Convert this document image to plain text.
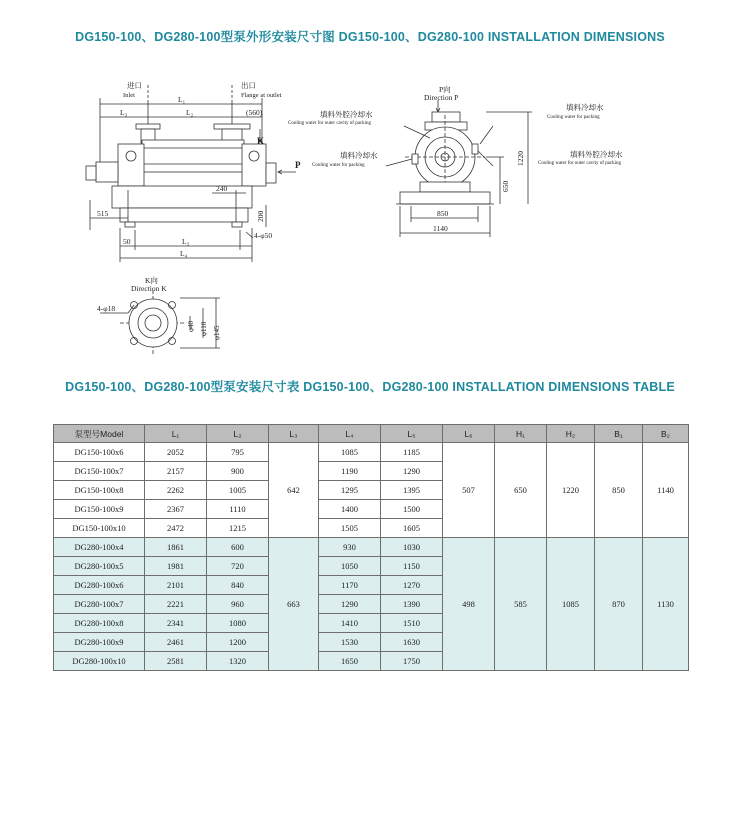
DG150-100、DG280-100型泵外形安装尺寸图 DG150-100、DG280-100 INSTALLATION DIMENSIONS
进口
Inlet
出口
Flange at outlet
L₁
L₃	L₂	(560)
K
P
240
515	200
50	L₃
4-φ50
L₄
K向
Direction K
4-φ18
φ40 φ110 φ145
P向
Direction P
填料外腔冷却水
Cooling water for outer cavity of packing
填料冷却水
Cooling water for packing
填料冷却水
Cooling water for packing
填料外腔冷却水
Cooling water for outer cavity of packing
1220
650
850
1140
DG150-100、DG280-100型泵安装尺寸表 DG150-100、DG280-100 INSTALLATION DIMENSIONS TABLE
泵型号Model	L₁	L₂	L₃	L₄	L₅	L₆	H₁	H₂	B₁	B₂
DG150-100x6	2052	795	642	1085	1185	507	650	1220	850	1140
DG150-100x7	2157	900		1190	1290					
DG150-100x8	2262	1005		1295	1395					
DG150-100x9	2367	1110		1400	1500					
DG150-100x10	2472	1215		1505	1605					
DG280-100x4	1861	600	663	930	1030	498	585	1085	870	1130
DG280-100x5	1981	720		1050	1150					
DG280-100x6	2101	840		1170	1270					
DG280-100x7	2221	960		1290	1390					
DG280-100x8	2341	1080		1410	1510					
DG280-100x9	2461	1200		1530	1630					
DG280-100x10	2581	1320		1650	1750					
